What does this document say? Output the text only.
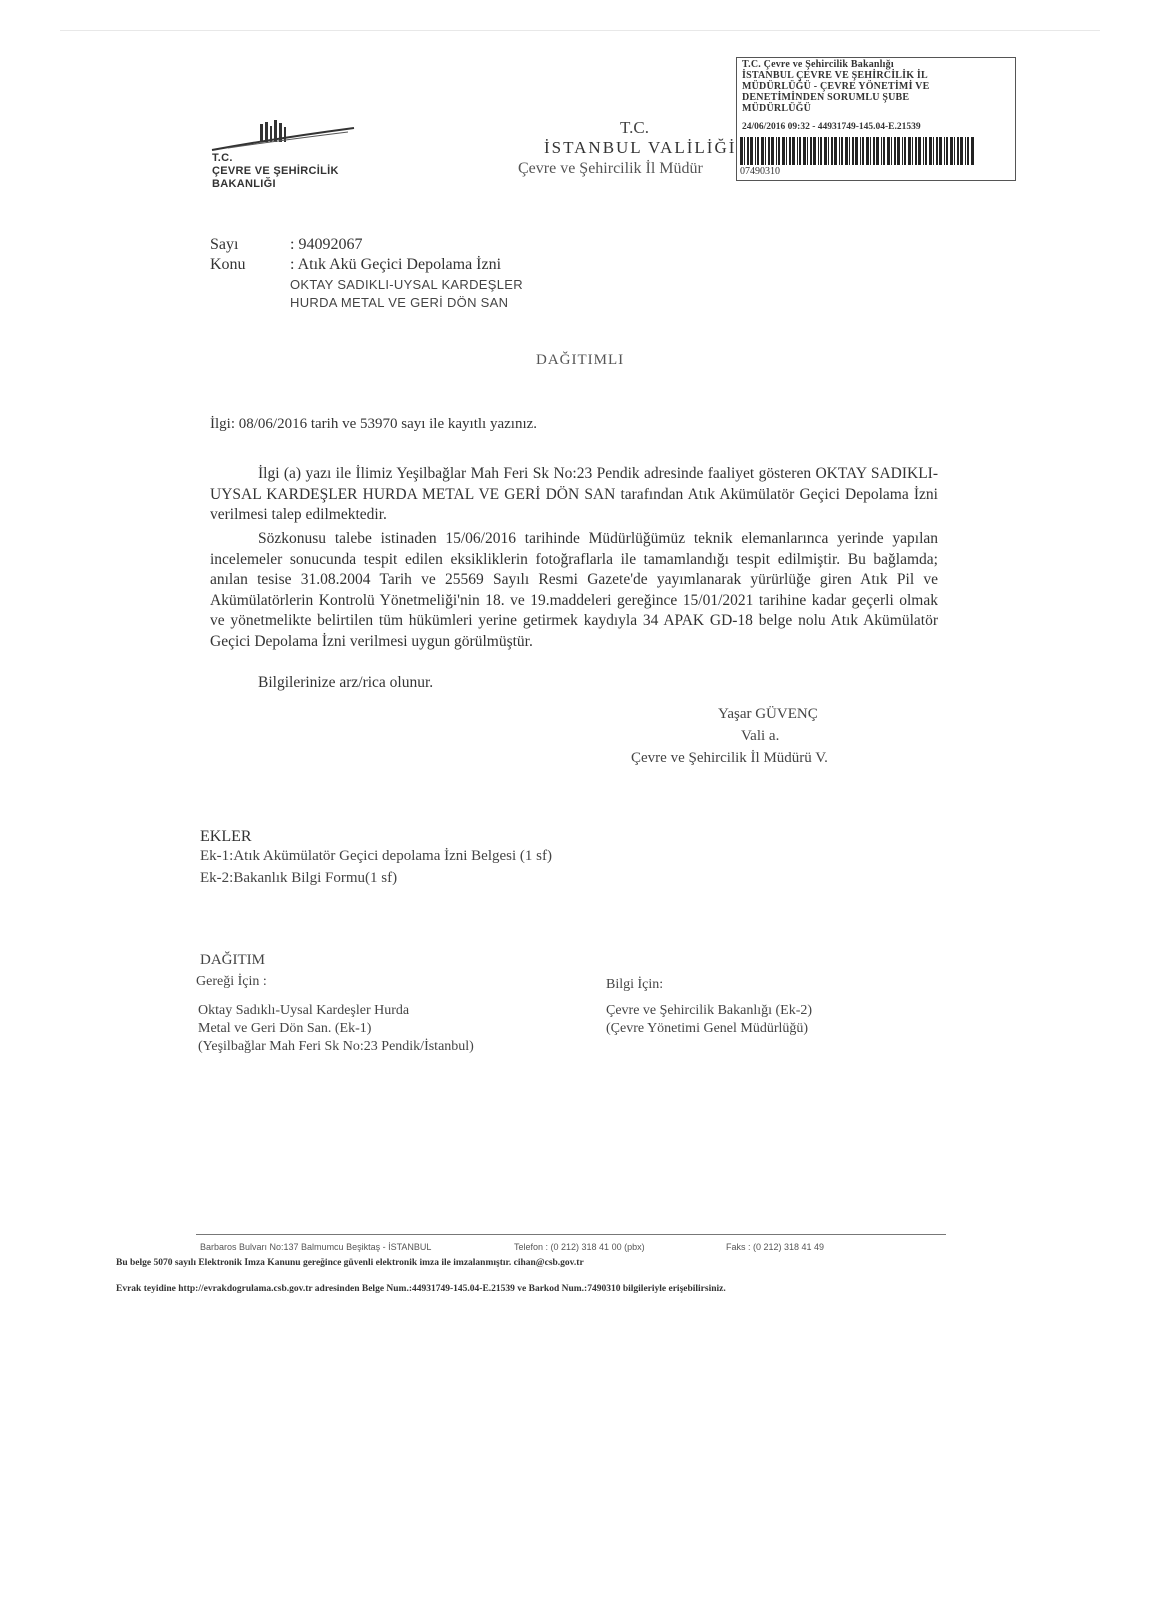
T.C.
ÇEVRE VE ŞEHİRCİLİK
BAKANLIĞI
T.C.
İSTANBUL VALİLİĞİ
Çevre ve Şehircilik İl Müdür
T.C. Çevre ve Şehircilik Bakanlığı
İSTANBUL ÇEVRE VE ŞEHİRCİLİK İL
MÜDÜRLÜĞÜ - ÇEVRE YÖNETİMİ VE
DENETİMİNDEN SORUMLU ŞUBE
MÜDÜRLÜĞÜ
24/06/2016 09:32 - 44931749-145.04-E.21539
07490310
Sayı	: 94092067
Konu	: Atık Akü Geçici Depolama İzni
OKTAY SADIKLI-UYSAL KARDEŞLER
HURDA METAL VE GERİ DÖN SAN
DAĞITIMLI
İlgi: 08/06/2016 tarih ve 53970 sayı ile kayıtlı yazınız.
İlgi (a) yazı ile İlimiz Yeşilbağlar Mah Feri Sk No:23 Pendik adresinde faaliyet gösteren OKTAY SADIKLI-UYSAL KARDEŞLER HURDA METAL VE GERİ DÖN SAN tarafından Atık Akümülatör Geçici Depolama İzni verilmesi talep edilmektedir.
Sözkonusu talebe istinaden 15/06/2016 tarihinde Müdürlüğümüz teknik elemanlarınca yerinde yapılan incelemeler sonucunda tespit edilen eksikliklerin fotoğraflarla ile tamamlandığı tespit edilmiştir. Bu bağlamda; anılan tesise 31.08.2004 Tarih ve 25569 Sayılı Resmi Gazete'de yayımlanarak yürürlüğe giren Atık Pil ve Akümülatörlerin Kontrolü Yönetmeliği'nin 18. ve 19.maddeleri gereğince 15/01/2021 tarihine kadar geçerli olmak ve yönetmelikte belirtilen tüm hükümleri yerine getirmek kaydıyla 34 APAK GD-18 belge nolu Atık Akümülatör Geçici Depolama İzni verilmesi uygun görülmüştür.
Bilgilerinize arz/rica olunur.
Yaşar GÜVENÇ
Vali a.
Çevre ve Şehircilik İl Müdürü V.
EKLER
Ek-1:Atık Akümülatör Geçici depolama İzni Belgesi (1 sf)
Ek-2:Bakanlık Bilgi Formu(1 sf)
DAĞITIM
Gereği İçin :
Oktay Sadıklı-Uysal Kardeşler Hurda
Metal ve Geri Dön San. (Ek-1)
(Yeşilbağlar Mah Feri Sk No:23 Pendik/İstanbul)
Bilgi İçin:
Çevre ve Şehircilik Bakanlığı (Ek-2)
(Çevre Yönetimi Genel Müdürlüğü)
Barbaros Bulvarı No:137 Balmumcu Beşiktaş - İSTANBUL	Telefon : (0 212) 318 41 00 (pbx)	Faks : (0 212) 318 41 49
Bu belge 5070 sayılı Elektronik İmza Kanunu gereğince güvenli elektronik imza ile imzalanmıştır. cihan@csb.gov.tr
Evrak teyidine http://evrakdogrulama.csb.gov.tr adresinden Belge Num.:44931749-145.04-E.21539 ve Barkod Num.:7490310 bilgileriyle erişebilirsiniz.
